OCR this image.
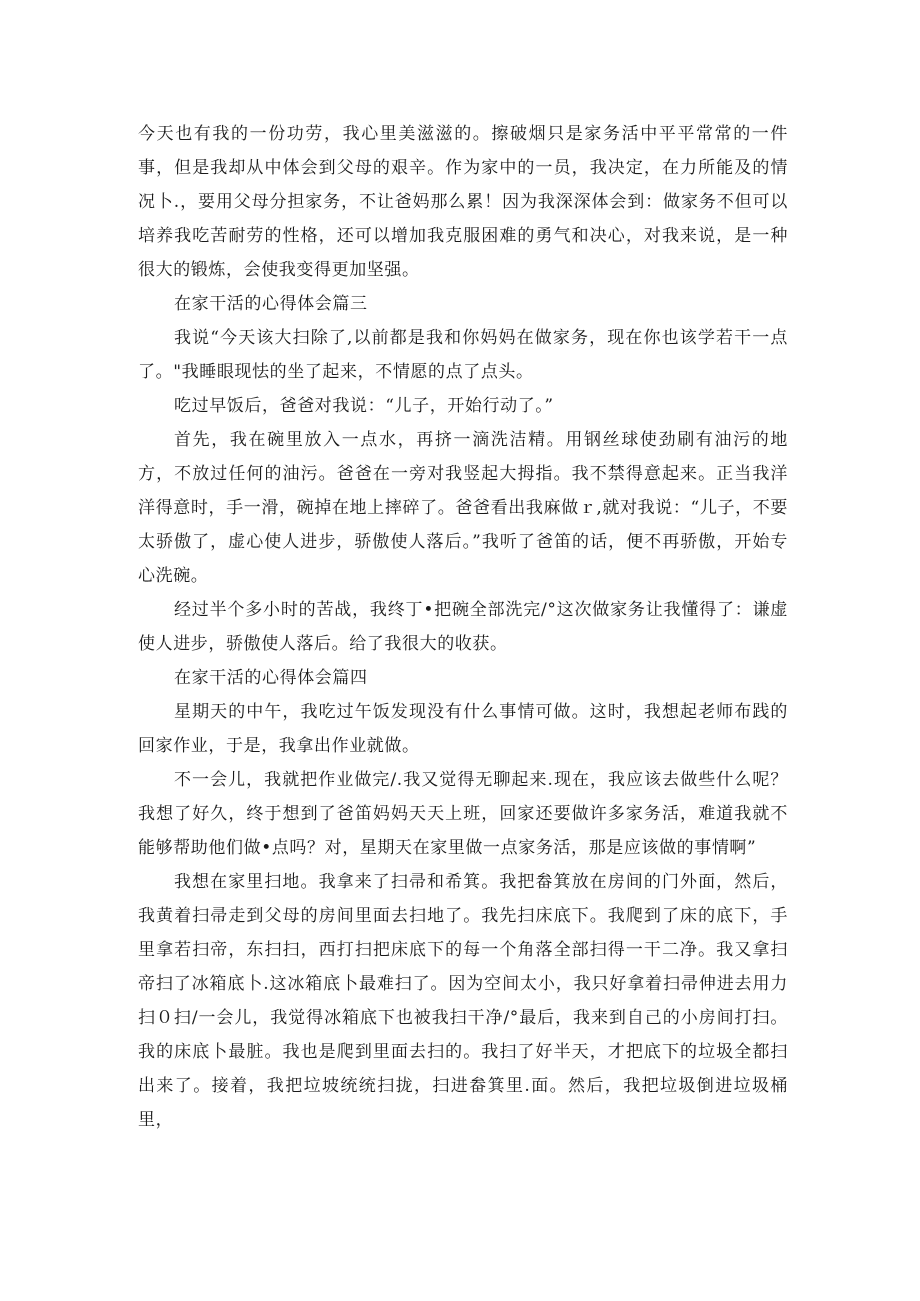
今天也有我的一份功劳，我心里美滋滋的。擦破烟只是家务活中平平常常的一件事，但是我却从中体会到父母的艰辛。作为家中的一员，我决定，在力所能及的情况卜.，要用父母分担家务，不让爸妈那么累！因为我深深体会到：做家务不但可以培养我吃苦耐劳的性格，还可以增加我克服困难的勇气和决心，对我来说，是一种很大的锻炼，会使我变得更加坚强。

在家干活的心得体会篇三

我说“今天该大扫除了,以前都是我和你妈妈在做家务，现在你也该学若干一点了。"我睡眼现怯的坐了起来，不情愿的点了点头。

吃过早饭后，爸爸对我说：“儿子，开始行动了。”

首先，我在碗里放入一点水，再挤一滴洗洁精。用钢丝球使劲刷有油污的地方，不放过任何的油污。爸爸在一旁对我竖起大拇指。我不禁得意起来。正当我洋洋得意时，手一滑，碗掉在地上摔碎了。爸爸看出我麻做ｒ,就对我说：“儿子，不要太骄傲了，虚心使人进步，骄傲使人落后。”我听了爸笛的话，便不再骄傲，开始专心洗碗。

经过半个多小时的苦战，我终丁•把碗全部洗完/°这次做家务让我懂得了：谦虚使人进步，骄傲使人落后。给了我很大的收获。

在家干活的心得体会篇四

星期天的中午，我吃过午饭发现没有什么事情可做。这时，我想起老师布践的回家作业，于是，我拿出作业就做。

不一会儿，我就把作业做完/.我又觉得无聊起来.现在，我应该去做些什么呢？我想了好久，终于想到了爸笛妈妈天天上班，回家还要做许多家务活，难道我就不能够帮助他们做•点吗？对，星期天在家里做一点家务活，那是应该做的事情啊”

我想在家里扫地。我拿来了扫帚和希箕。我把畚箕放在房间的门外面，然后，我黄着扫帚走到父母的房间里面去扫地了。我先扫床底下。我爬到了床的底下，手里拿若扫帝，东扫扫，西打扫把床底下的每一个角落全部扫得一干二净。我又拿扫帝扫了冰箱底卜.这冰箱底卜最难扫了。因为空间太小，我只好拿着扫帚伸进去用力扫０扫/一会儿，我觉得冰箱底下也被我扫干净/°最后，我来到自己的小房间打扫。我的床底卜最脏。我也是爬到里面去扫的。我扫了好半天，才把底下的垃圾全都扫出来了。接着，我把垃坡统统扫拢，扫进畚箕里.面。然后，我把垃圾倒进垃圾桶里，
